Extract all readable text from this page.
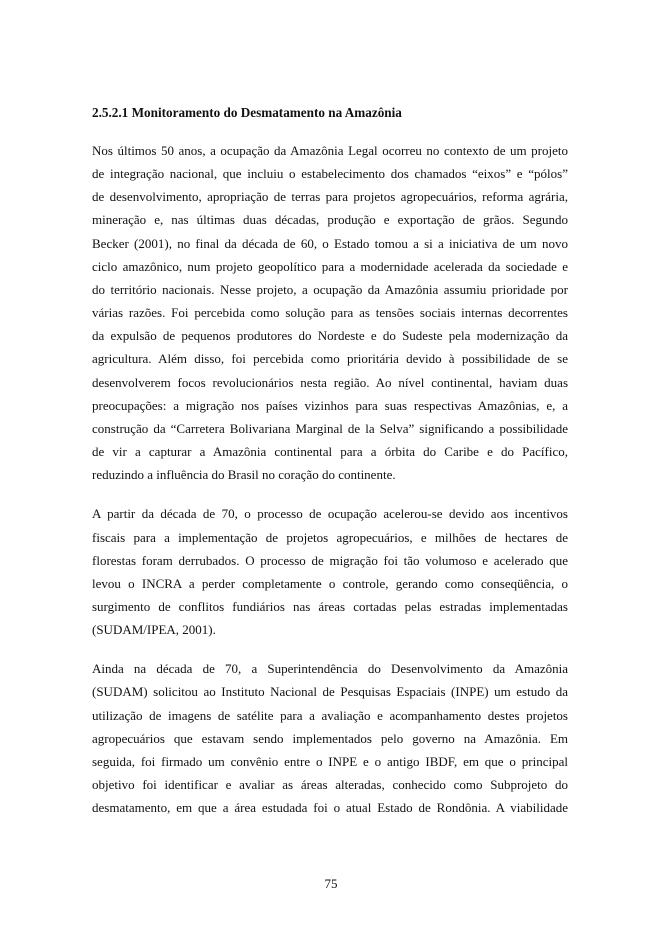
2.5.2.1 Monitoramento do Desmatamento na Amazônia

Nos últimos 50 anos, a ocupação da Amazônia Legal ocorreu no contexto de um projeto
de integração nacional, que incluiu o estabelecimento dos chamados “eixos” e “pólos”
de desenvolvimento, apropriação de terras para projetos agropecuários, reforma agrária,
mineração e, nas últimas duas décadas, produção e exportação de grãos. Segundo
Becker (2001), no final da década de 60, o Estado tomou a si a iniciativa de um novo
ciclo amazônico, num projeto geopolítico para a modernidade acelerada da sociedade e
do território nacionais. Nesse projeto, a ocupação da Amazônia assumiu prioridade por
várias razões. Foi percebida como solução para as tensões sociais internas decorrentes
da expulsão de pequenos produtores do Nordeste e do Sudeste pela modernização da
agricultura. Além disso, foi percebida como prioritária devido à possibilidade de se
desenvolverem focos revolucionários nesta região. Ao nível continental, haviam duas
preocupações: a migração nos países vizinhos para suas respectivas Amazônias, e, a
construção da “Carretera Bolivariana Marginal de la Selva” significando a possibilidade
de vir a capturar a Amazônia continental para a órbita do Caribe e do Pacífico,
reduzindo a influência do Brasil no coração do continente.

A partir da década de 70, o processo de ocupação acelerou-se devido aos incentivos
fiscais para a implementação de projetos agropecuários, e milhões de hectares de
florestas foram derrubados. O processo de migração foi tão volumoso e acelerado que
levou o INCRA a perder completamente o controle, gerando como conseqüência, o
surgimento de conflitos fundiários nas áreas cortadas pelas estradas implementadas
(SUDAM/IPEA, 2001).

Ainda na década de 70, a Superintendência do Desenvolvimento da Amazônia
(SUDAM) solicitou ao Instituto Nacional de Pesquisas Espaciais (INPE) um estudo da
utilização de imagens de satélite para a avaliação e acompanhamento destes projetos
agropecuários que estavam sendo implementados pelo governo na Amazônia. Em
seguida, foi firmado um convênio entre o INPE e o antigo IBDF, em que o principal
objetivo foi identificar e avaliar as áreas alteradas, conhecido como Subprojeto do
desmatamento, em que a área estudada foi o atual Estado de Rondônia. A viabilidade

75
